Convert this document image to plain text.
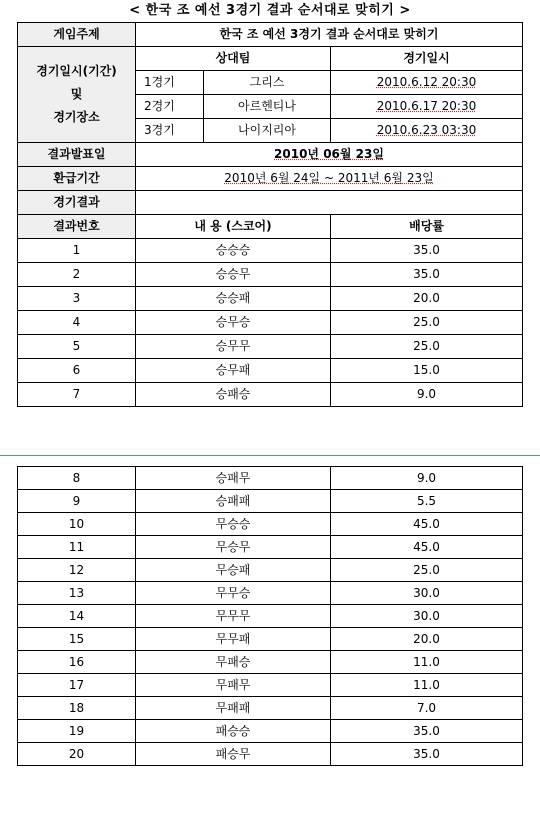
< 한국 조 예선 3경기 결과 순서대로 맞히기 >
게임주제	한국 조 예선 3경기 결과 순서대로 맞히기		
경기일시(기간)
및
경기장소	상대팀		경기일시
	1경기	그리스	2010.6.12 20:30
	2경기	아르헨티나	2010.6.17 20:30
	3경기	나이지리아	2010.6.23 03:30
결과발표일	2010년 06월 23일		
환급기간	2010년 6월 24일 ~ 2011년 6월 23일		
경기결과			
결과번호	내 용 (스코어)		배당률
1	승승승		35.0
2	승승무		35.0
3	승승패		20.0
4	승무승		25.0
5	승무무		25.0
6	승무패		15.0
7	승패승		9.0
8	승패무	9.0
9	승패패	5.5
10	무승승	45.0
11	무승무	45.0
12	무승패	25.0
13	무무승	30.0
14	무무무	30.0
15	무무패	20.0
16	무패승	11.0
17	무패무	11.0
18	무패패	7.0
19	패승승	35.0
20	패승무	35.0
